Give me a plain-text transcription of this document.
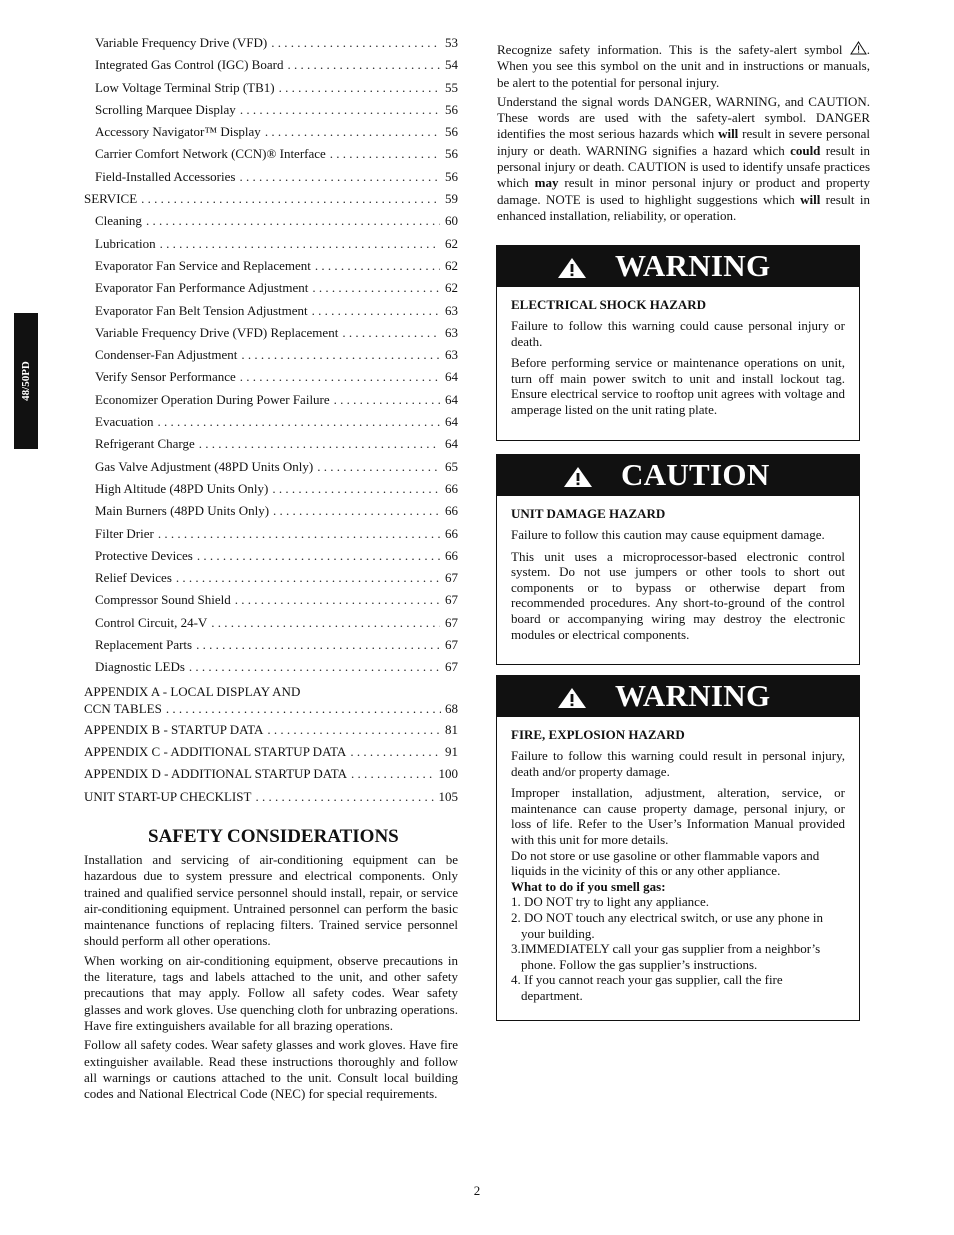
48/50PD
Variable Frequency Drive (VFD) . . .	53
Integrated Gas Control (IGC) Board . . .	54
Low Voltage Terminal Strip (TB1) . . .	55
Scrolling Marquee Display . . .	56
Accessory Navigator™ Display . . .	56
Carrier Comfort Network (CCN)® Interface . . .	56
Field-Installed Accessories . . .	56
SERVICE . . .	59
Cleaning . . .	60
Lubrication . . .	62
Evaporator Fan Service and Replacement . . .	62
Evaporator Fan Performance Adjustment . . .	62
Evaporator Fan Belt Tension Adjustment . . .	63
Variable Frequency Drive (VFD) Replacement . . .	63
Condenser-Fan Adjustment . . .	63
Verify Sensor Performance . . .	64
Economizer Operation During Power Failure . . .	64
Evacuation . . .	64
Refrigerant Charge . . .	64
Gas Valve Adjustment (48PD Units Only) . . .	65
High Altitude (48PD Units Only) . . .	66
Main Burners (48PD Units Only) . . .	66
Filter Drier . . .	66
Protective Devices . . .	66
Relief Devices . . .	67
Compressor Sound Shield . . .	67
Control Circuit, 24-V . . .	67
Replacement Parts . . .	67
Diagnostic LEDs . . .	67
APPENDIX A - LOCAL DISPLAY AND
CCN TABLES . . .	68
APPENDIX B - STARTUP DATA . . .	81
APPENDIX C - ADDITIONAL STARTUP DATA . . .	91
APPENDIX D - ADDITIONAL STARTUP DATA . . .	100
UNIT START-UP CHECKLIST . . .	105
SAFETY CONSIDERATIONS

Installation and servicing of air-conditioning equipment can be hazardous due to system pressure and electrical components. Only trained and qualified service personnel should install, repair, or service air-conditioning equipment. Untrained personnel can perform the basic maintenance functions of replacing filters. Trained service personnel should perform all other operations.

When working on air-conditioning equipment, observe precautions in the literature, tags and labels attached to the unit, and other safety precautions that may apply. Follow all safety codes. Wear safety glasses and work gloves. Use quenching cloth for unbrazing operations. Have fire extinguishers available for all brazing operations.

Follow all safety codes. Wear safety glasses and work gloves. Have fire extinguisher available. Read these instructions thoroughly and follow all warnings or cautions attached to the unit. Consult local building codes and National Electrical Code (NEC) for special requirements.

Recognize safety information. This is the safety-alert symbol . When you see this symbol on the unit and in instructions or manuals, be alert to the potential for personal injury.

Understand the signal words DANGER, WARNING, and CAUTION. These words are used with the safety-alert symbol. DANGER identifies the most serious hazards which will result in severe personal injury or death. WARNING signifies a hazard which could result in personal injury or death. CAUTION is used to identify unsafe practices which may result in minor personal injury or product and property damage. NOTE is used to highlight suggestions which will result in enhanced installation, reliability, or operation.

WARNING
ELECTRICAL SHOCK HAZARD

Failure to follow this warning could cause personal injury or death.

Before performing service or maintenance operations on unit, turn off main power switch to unit and install lockout tag. Ensure electrical service to rooftop unit agrees with voltage and amperage listed on the unit rating plate.

CAUTION
UNIT DAMAGE HAZARD

Failure to follow this caution may cause equipment damage.

This unit uses a microprocessor-based electronic control system. Do not use jumpers or other tools to short out components or to bypass or otherwise depart from recommended procedures. Any short-to-ground of the control board or accompanying wiring may destroy the electronic modules or electrical components.

WARNING
FIRE, EXPLOSION HAZARD

Failure to follow this warning could result in personal injury, death and/or property damage.

Improper installation, adjustment, alteration, service, or maintenance can cause property damage, personal injury, or loss of life. Refer to the User’s Information Manual provided with this unit for more details.

Do not store or use gasoline or other flammable vapors and liquids in the vicinity of this or any other appliance.

What to do if you smell gas:

1. DO NOT try to light any appliance.
2. DO NOT touch any electrical switch, or use any phone in your building.
3.IMMEDIATELY call your gas supplier from a neighbor’s phone. Follow the gas supplier’s instructions.
4. If you cannot reach your gas supplier, call the fire department.
2
